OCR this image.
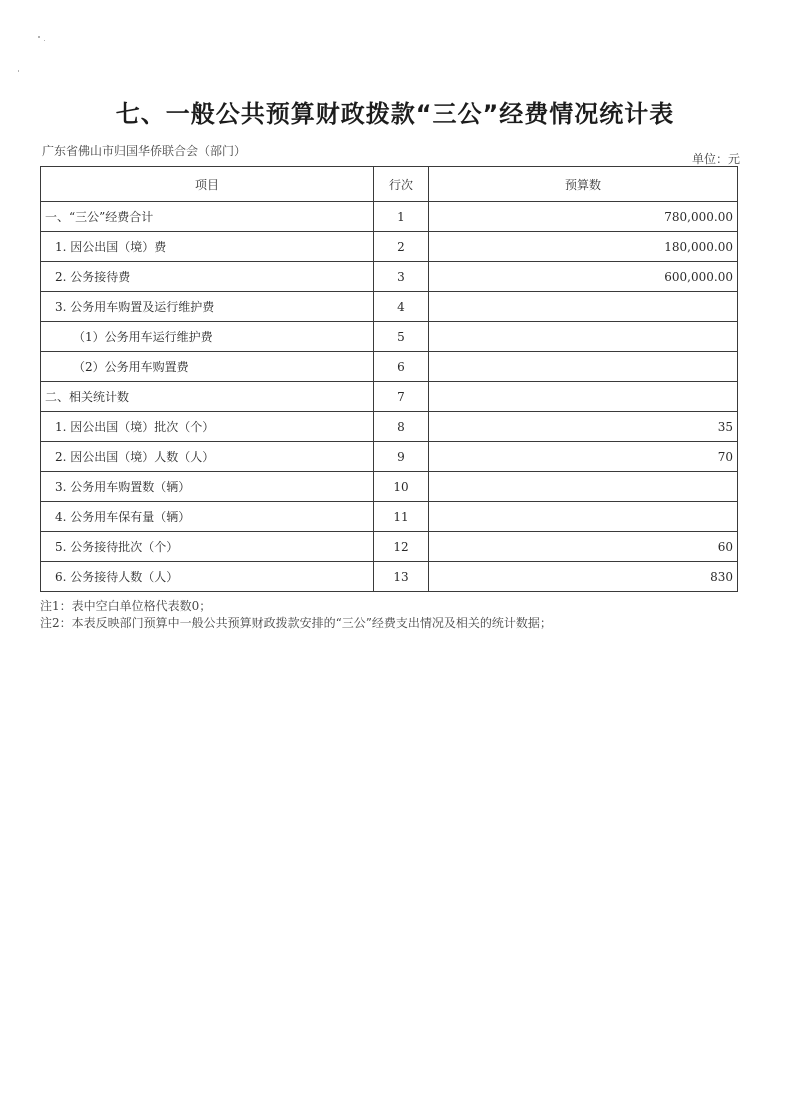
七、一般公共预算财政拨款“三公”经费情况统计表
广东省佛山市归国华侨联合会（部门）
单位：元
项目	行次	预算数
一、“三公”经费合计	1	780,000.00
1. 因公出国（境）费	2	180,000.00
2. 公务接待费	3	600,000.00
3. 公务用车购置及运行维护费	4	
（1）公务用车运行维护费	5	
（2）公务用车购置费	6	
二、相关统计数	7	
1. 因公出国（境）批次（个）	8	35
2. 因公出国（境）人数（人）	9	70
3. 公务用车购置数（辆）	10	
4. 公务用车保有量（辆）	11	
5. 公务接待批次（个）	12	60
6. 公务接待人数（人）	13	830
注1：表中空白单位格代表数0；
注2：本表反映部门预算中一般公共预算财政拨款安排的“三公”经费支出情况及相关的统计数据；
